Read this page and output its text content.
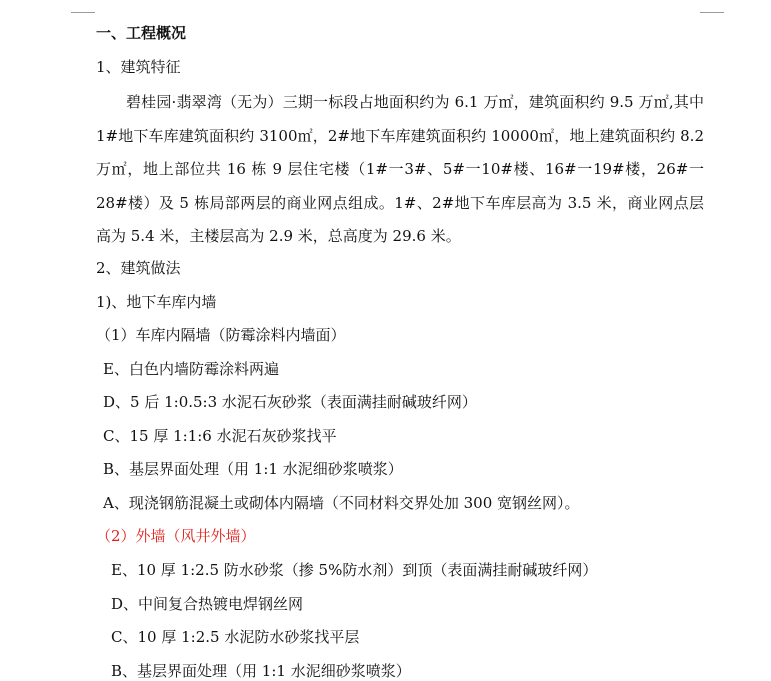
一、工程概况
1、建筑特征
碧桂园·翡翠湾（无为）三期一标段占地面积约为 6.1 万㎡，建筑面积约 9.5 万㎡,其中 1#地下车库建筑面积约 3100㎡，2#地下车库建筑面积约 10000㎡，地上建筑面积约 8.2 万㎡，地上部位共 16 栋 9 层住宅楼（1#一3#、5#一10#楼、16#一19#楼，26#一28#楼）及 5 栋局部两层的商业网点组成。1#、2#地下车库层高为 3.5 米，商业网点层高为 5.4 米，主楼层高为 2.9 米，总高度为 29.6 米。
2、建筑做法
1)、地下车库内墙
（1）车库内隔墙（防霉涂料内墙面）
E、白色内墙防霉涂料两遍
D、5 后 1:0.5:3 水泥石灰砂浆（表面满挂耐碱玻纤网）
C、15 厚 1:1:6 水泥石灰砂浆找平
B、基层界面处理（用 1:1 水泥细砂浆喷浆）
A、现浇钢筋混凝土或砌体内隔墙（不同材料交界处加 300 宽钢丝网）。
（2）外墙（风井外墙）
E、10 厚 1:2.5 防水砂浆（掺 5%防水剂）到顶（表面满挂耐碱玻纤网）
D、中间复合热镀电焊钢丝网
C、10 厚 1:2.5 水泥防水砂浆找平层
B、基层界面处理（用 1:1 水泥细砂浆喷浆）
